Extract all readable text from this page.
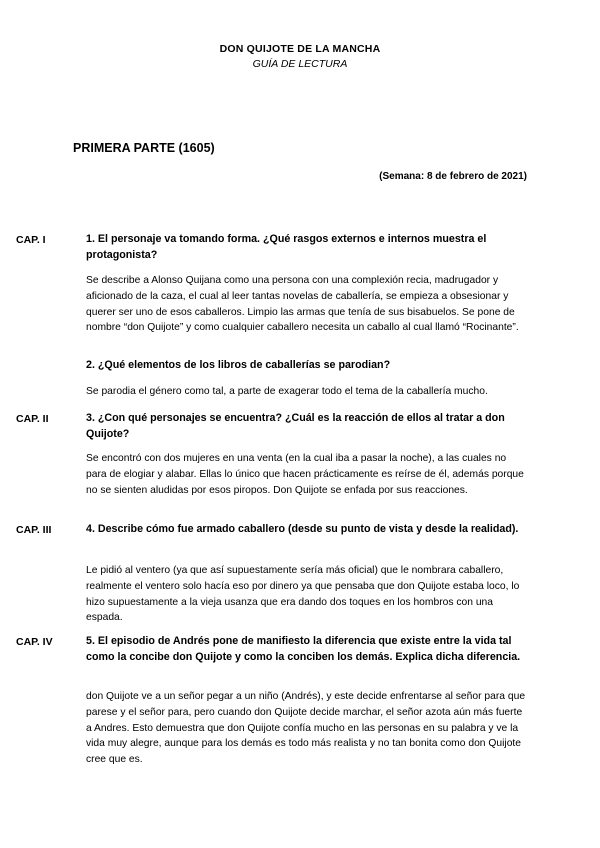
DON QUIJOTE DE LA MANCHA
GUÍA DE LECTURA
PRIMERA PARTE (1605)
(Semana: 8 de febrero de 2021)
CAP. I	1. El personaje va tomando forma. ¿Qué rasgos externos e internos muestra el protagonista?

Se describe a Alonso Quijana como una persona con una complexión recia, madrugador y aficionado de la caza, el cual al leer tantas novelas de caballería, se empieza a obsesionar y querer ser uno de esos caballeros. Limpio las armas que tenía de sus bisabuelos. Se pone de nombre “don Quijote” y como cualquier caballero necesita un caballo al cual llamó “Rocinante”.

2. ¿Qué elementos de los libros de caballerías se parodian?

Se parodia el género como tal, a parte de exagerar todo el tema de la caballería mucho.

CAP. II	3. ¿Con qué personajes se encuentra? ¿Cuál es la reacción de ellos al tratar a don Quijote?

Se encontró con dos mujeres en una venta (en la cual iba a pasar la noche), a las cuales no para de elogiar y alabar. Ellas lo único que hacen prácticamente es reírse de él, además porque no se sienten aludidas por esos piropos. Don Quijote se enfada por sus reacciones.

CAP. III	4. Describe cómo fue armado caballero (desde su punto de vista y desde la realidad).

Le pidió al ventero (ya que así supuestamente sería más oficial) que le nombrara caballero, realmente el ventero solo hacía eso por dinero ya que pensaba que don Quijote estaba loco, lo hizo supuestamente a la vieja usanza que era dando dos toques en los hombros con una espada.

CAP. IV	5. El episodio de Andrés pone de manifiesto la diferencia que existe entre la vida tal como la concibe don Quijote y como la conciben los demás. Explica dicha diferencia.

don Quijote ve a un señor pegar a un niño (Andrés), y este decide enfrentarse al señor para que parese y el señor para, pero cuando don Quijote decide marchar, el señor azota aún más fuerte a Andres. Esto demuestra que don Quijote confía mucho en las personas en su palabra y ve la vida muy alegre, aunque para los demás es todo más realista y no tan bonita como don Quijote cree que es.
